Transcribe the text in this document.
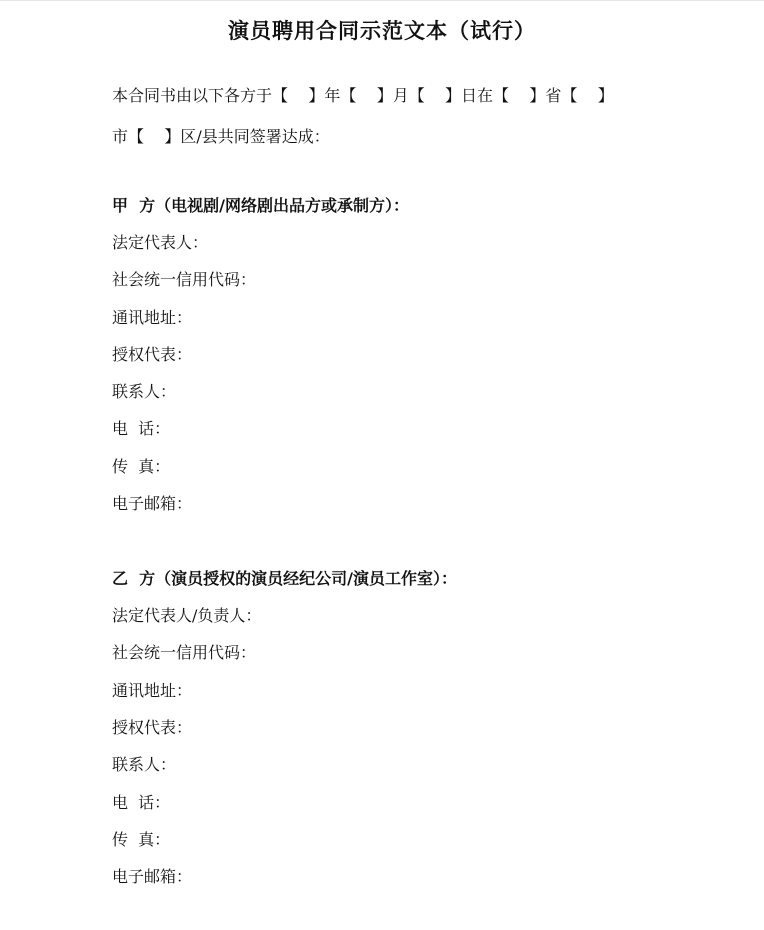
演员聘用合同示范文本（试行）
本合同书由以下各方于【    】年【    】月【    】日在【    】省【    】
市【    】区/县共同签署达成：
甲  方（电视剧/网络剧出品方或承制方）：
法定代表人：
社会统一信用代码：
通讯地址：
授权代表：
联系人：
电  话：
传  真：
电子邮箱：
乙  方（演员授权的演员经纪公司/演员工作室）：
法定代表人/负责人：
社会统一信用代码：
通讯地址：
授权代表：
联系人：
电  话：
传  真：
电子邮箱：
